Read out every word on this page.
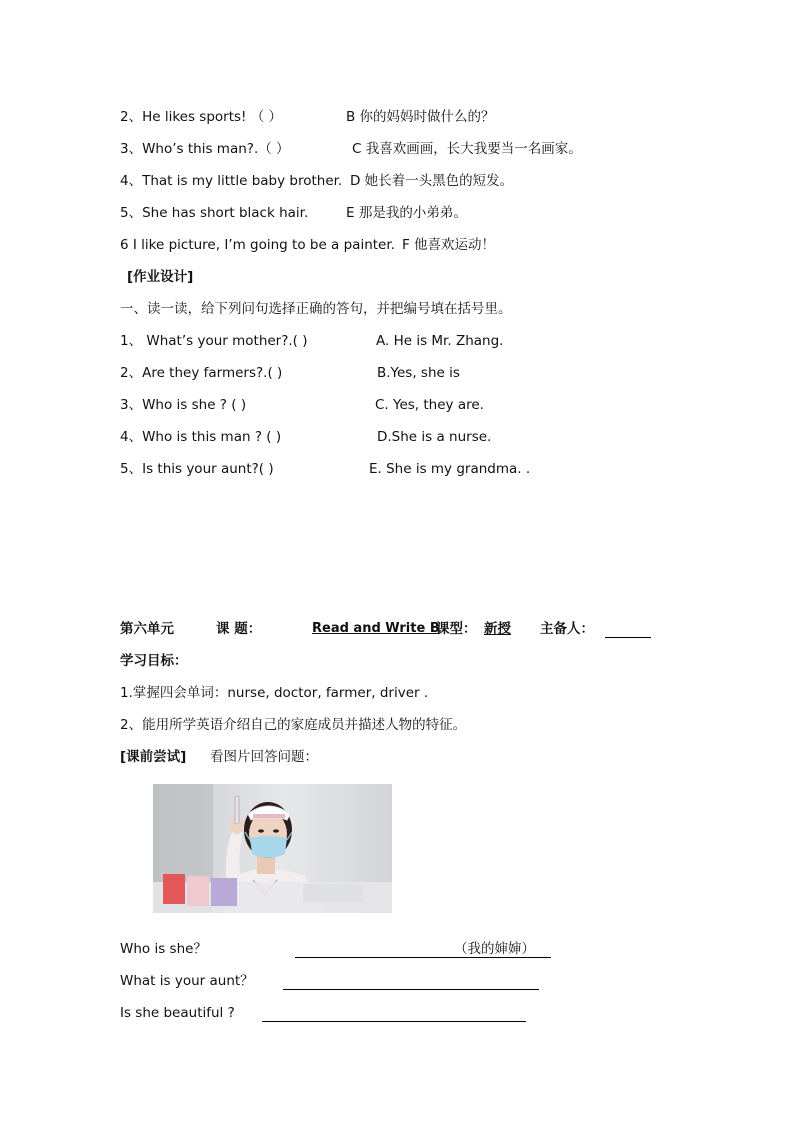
2、He likes sports! （ ）	B 你的妈妈时做什么的？
3、Who’s this man?.（ ）	C 我喜欢画画，长大我要当一名画家。
4、That is my little baby brother. D 她长着一头黑色的短发。
5、She has short black hair.	E 那是我的小弟弟。
6 I like picture, I’m going to be a painter. F 他喜欢运动！
[作业设计]
一、读一读，给下列问句选择正确的答句，并把编号填在括号里。
1、 What’s your mother?.( )	A. He is Mr. Zhang.
2、Are they farmers?.( )	B.Yes, she is
3、Who is she ? ( )	C. Yes, they are.
4、Who is this man ? ( )	D.She is a nurse.
5、Is this your aunt?( )	E. She is my grandma. .
第六单元	课 题：	Read and Write B
课型： 新授	主备人：
学习目标：
1.掌握四会单词：nurse, doctor, farmer, driver .
2、能用所学英语介绍自己的家庭成员并描述人物的特征。
[课前尝试] 看图片回答问题：
Who is she？	（我的婶婶）
What is your aunt？
Is she beautiful ?
